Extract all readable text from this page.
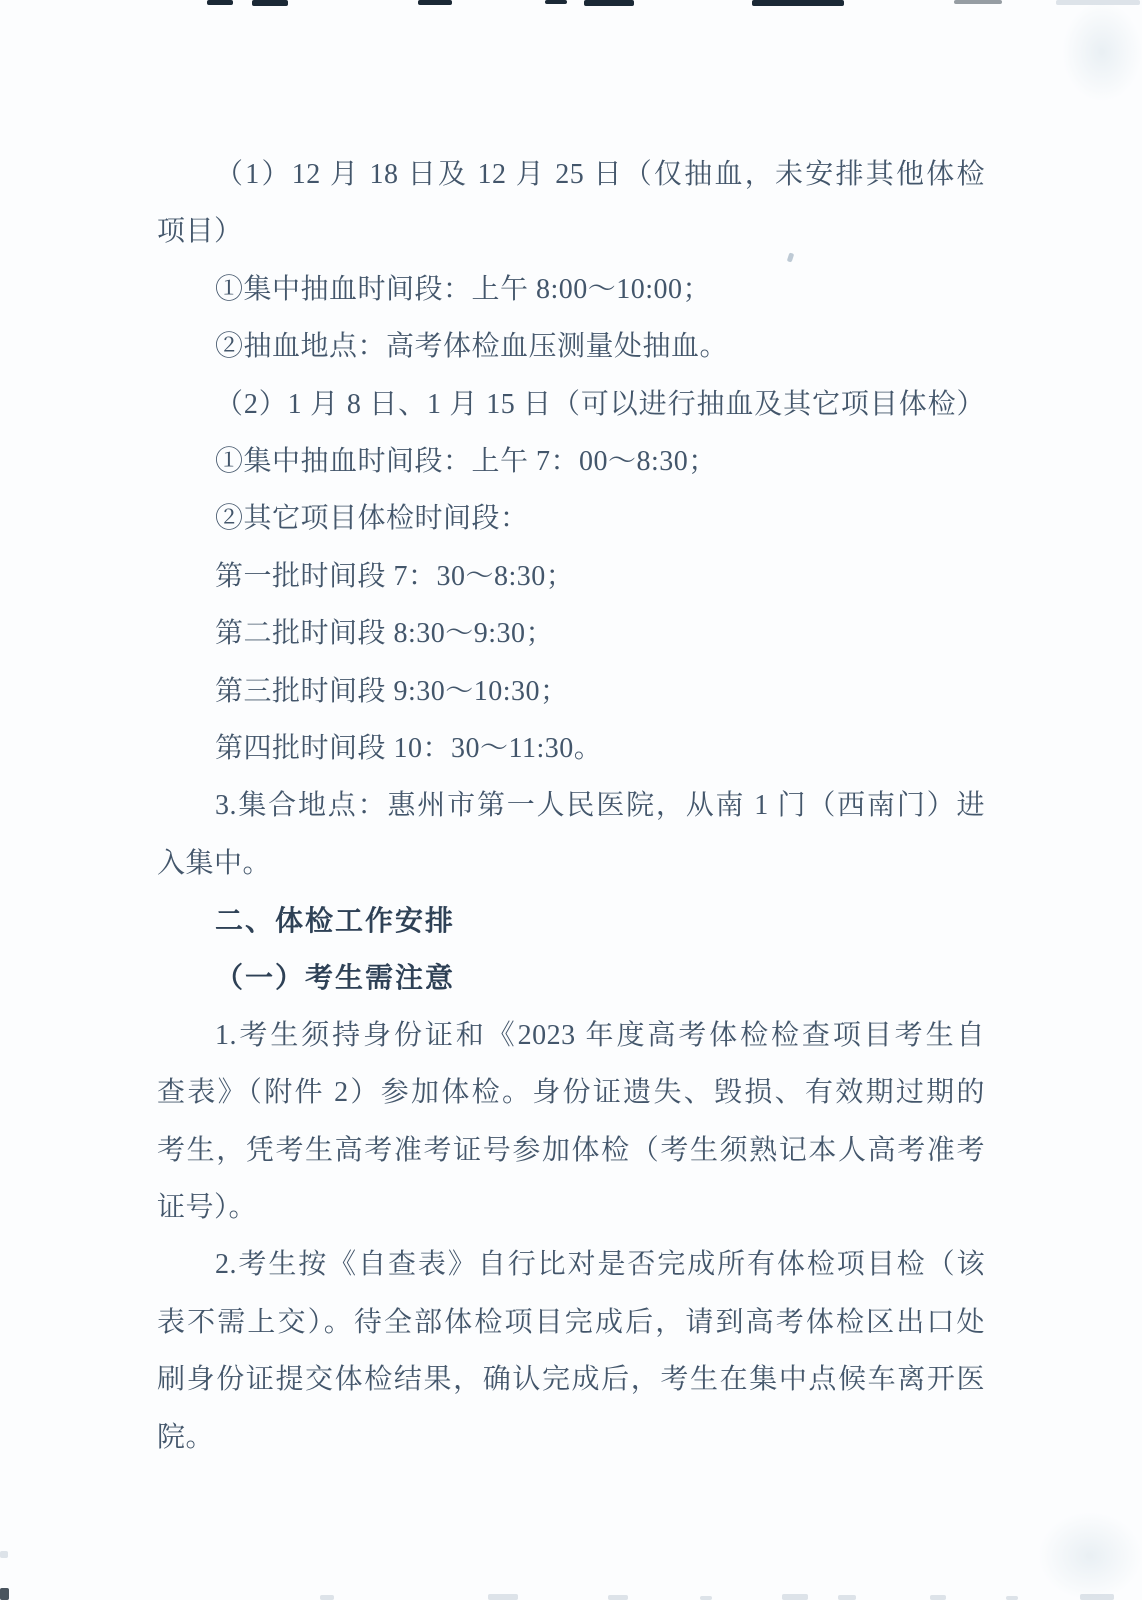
（1）12 月 18 日及 12 月 25 日（仅抽血，未安排其他体检
项目）
①集中抽血时间段：上午 8:00～10:00；
②抽血地点：高考体检血压测量处抽血。
（2）1 月 8 日、1 月 15 日（可以进行抽血及其它项目体检）
①集中抽血时间段：上午 7：00～8:30；
②其它项目体检时间段：
第一批时间段 7：30～8:30；
第二批时间段 8:30～9:30；
第三批时间段 9:30～10:30；
第四批时间段 10：30～11:30。
3.集合地点：惠州市第一人民医院，从南 1 门（西南门）进
入集中。
二、体检工作安排
（一）考生需注意
1.考生须持身份证和《2023 年度高考体检检查项目考生自
查表》（附件 2）参加体检。身份证遗失、毁损、有效期过期的
考生，凭考生高考准考证号参加体检（考生须熟记本人高考准考
证号）。
2.考生按《自查表》自行比对是否完成所有体检项目检（该
表不需上交）。待全部体检项目完成后，请到高考体检区出口处
刷身份证提交体检结果，确认完成后，考生在集中点候车离开医
院。
